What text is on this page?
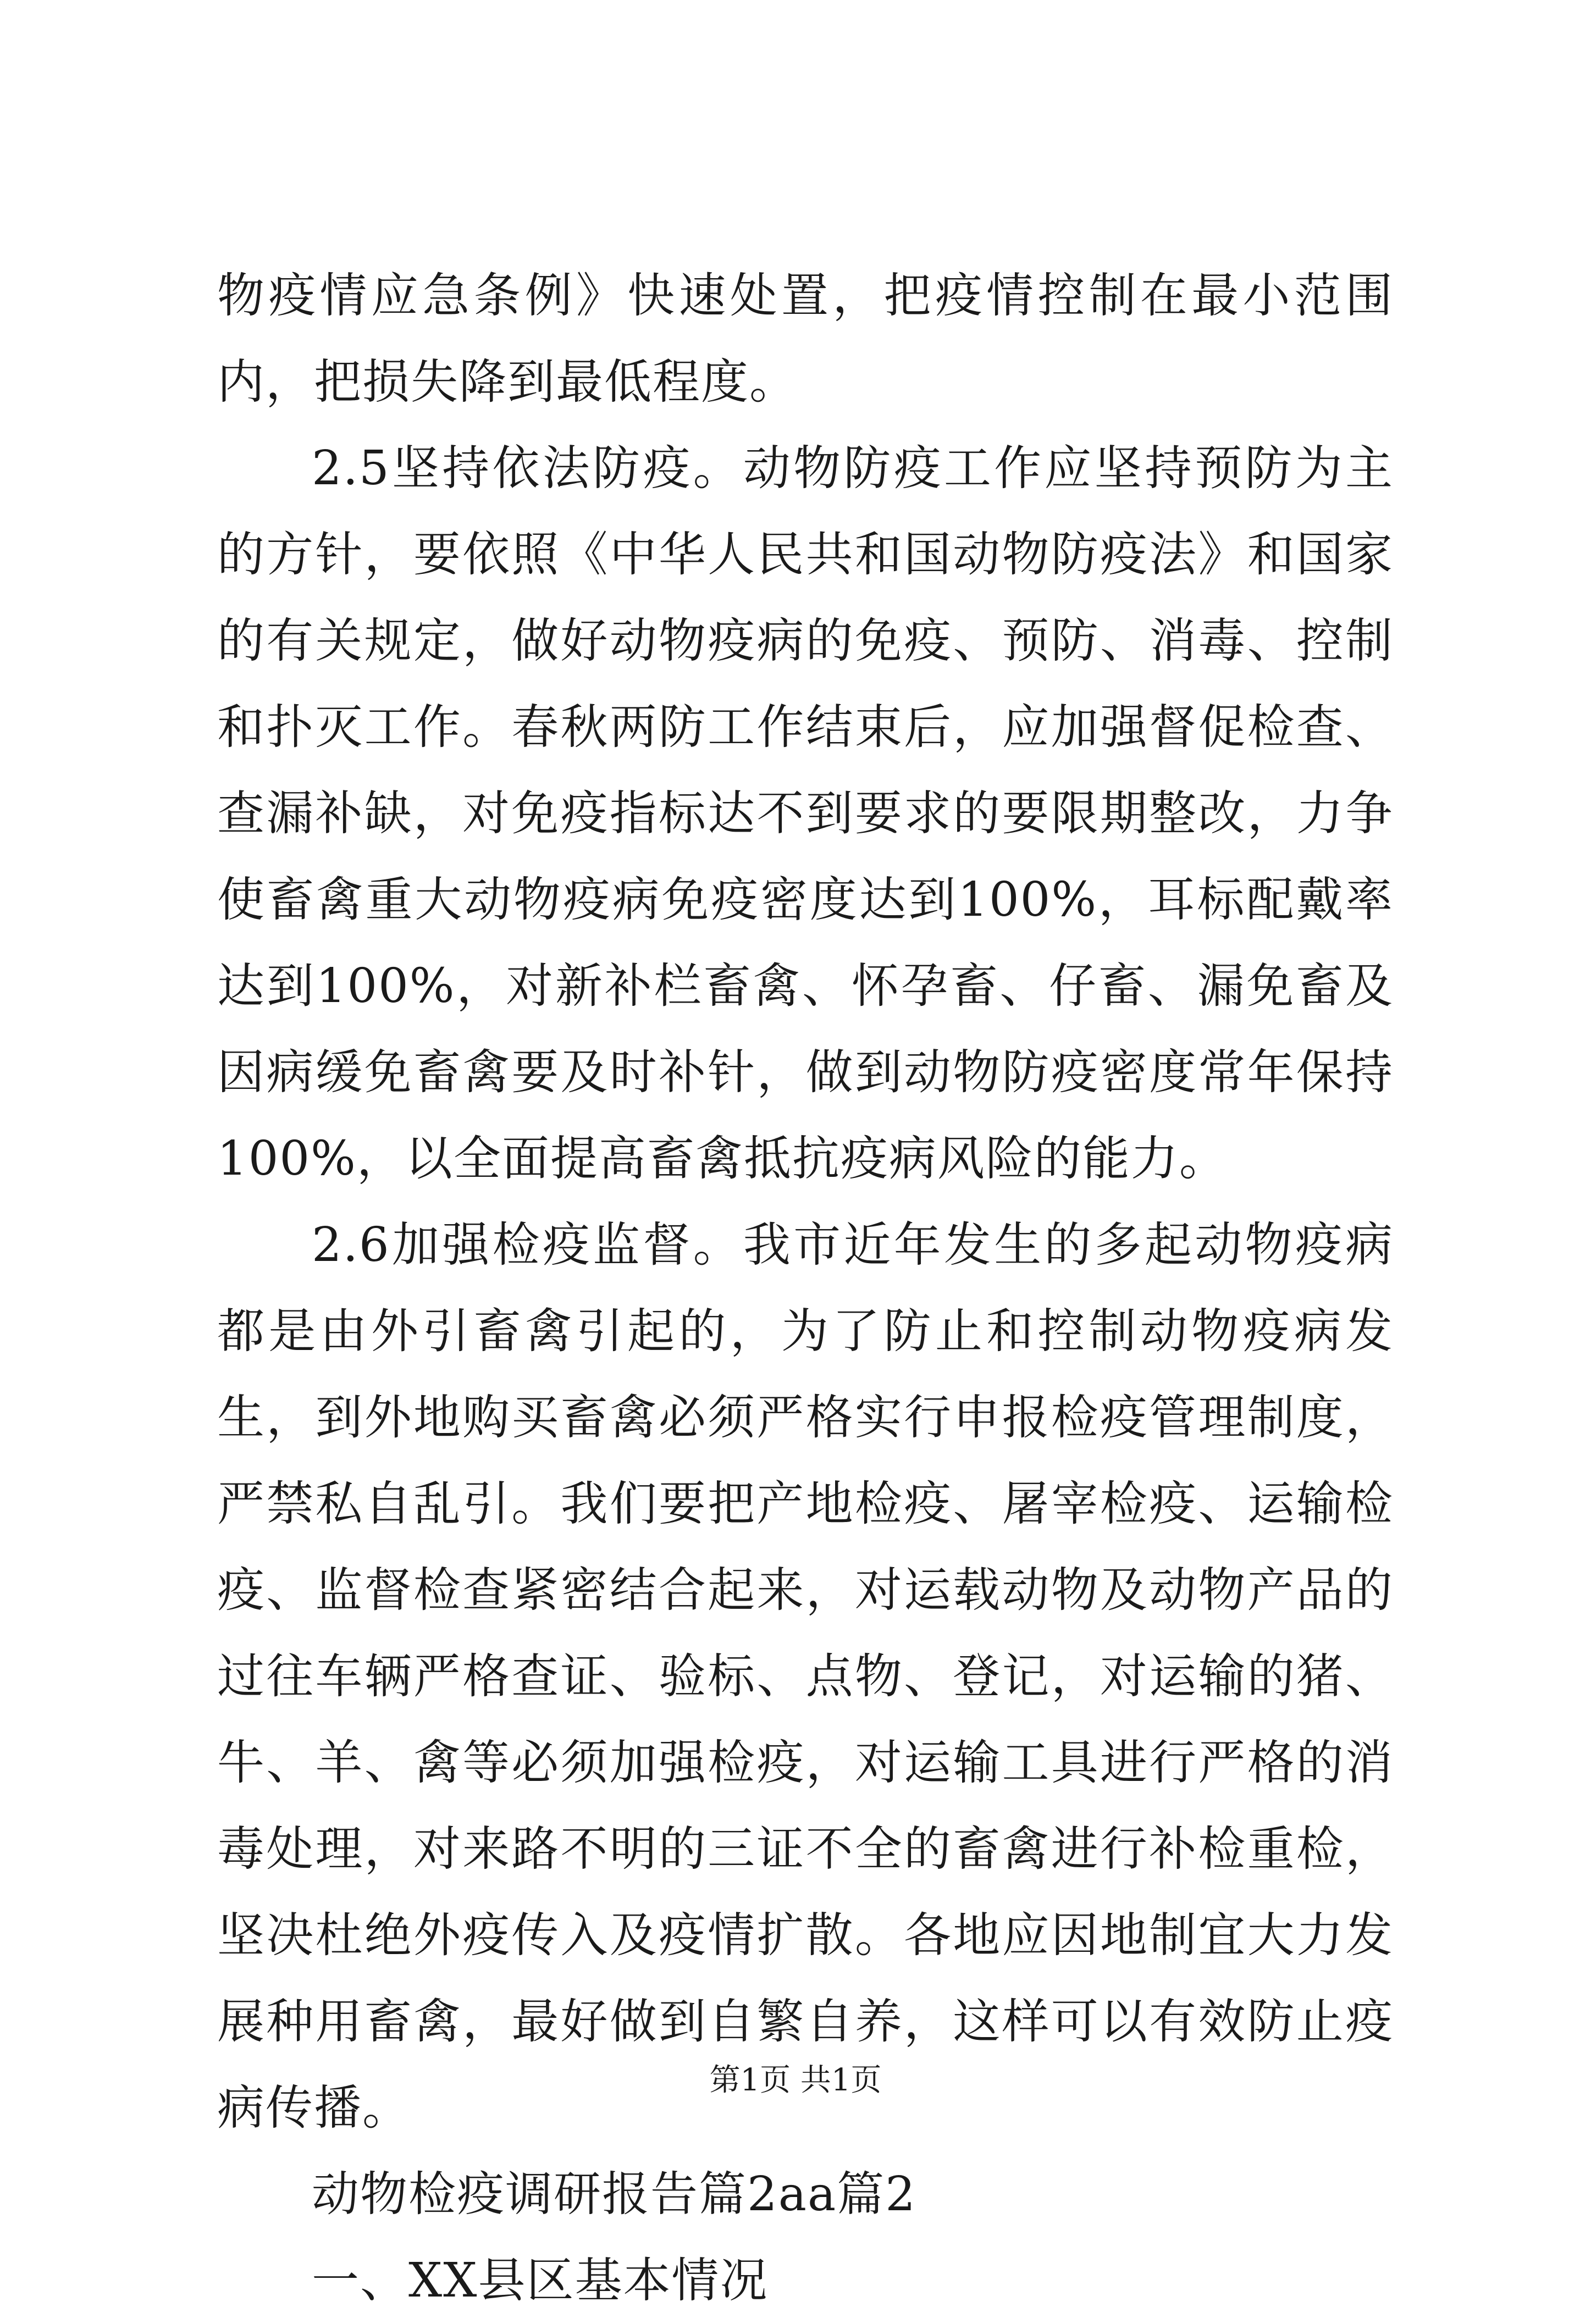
物疫情应急条例》快速处置，把疫情控制在最小范围内，把损失降到最低程度。

2.5坚持依法防疫。动物防疫工作应坚持预防为主的方针，要依照《中华人民共和国动物防疫法》和国家的有关规定，做好动物疫病的免疫、预防、消毒、控制和扑灭工作。春秋两防工作结束后，应加强督促检查、查漏补缺，对免疫指标达不到要求的要限期整改，力争使畜禽重大动物疫病免疫密度达到100%，耳标配戴率达到100%，对新补栏畜禽、怀孕畜、仔畜、漏免畜及因病缓免畜禽要及时补针，做到动物防疫密度常年保持100%，以全面提高畜禽抵抗疫病风险的能力。

2.6加强检疫监督。我市近年发生的多起动物疫病都是由外引畜禽引起的，为了防止和控制动物疫病发生，到外地购买畜禽必须严格实行申报检疫管理制度，严禁私自乱引。我们要把产地检疫、屠宰检疫、运输检疫、监督检查紧密结合起来，对运载动物及动物产品的过往车辆严格查证、验标、点物、登记，对运输的猪、牛、羊、禽等必须加强检疫，对运输工具进行严格的消毒处理，对来路不明的三证不全的畜禽进行补检重检，坚决杜绝外疫传入及疫情扩散。各地应因地制宜大力发展种用畜禽，最好做到自繁自养，这样可以有效防止疫病传播。

动物检疫调研报告篇2aa篇2

一、XX县区基本情况

第1页 共1页
